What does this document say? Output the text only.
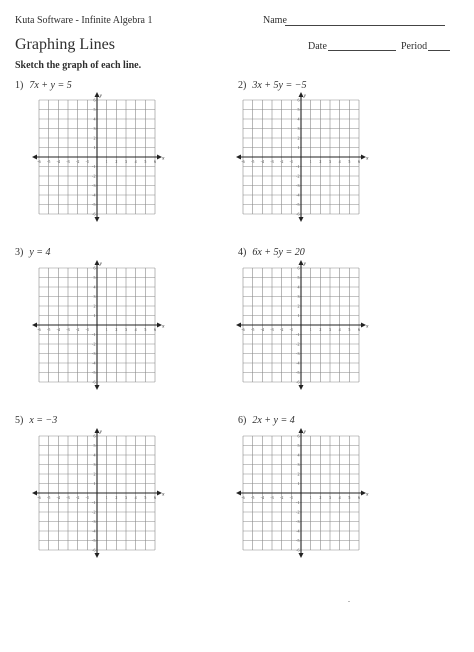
Kuta Software - Infinite Algebra 1	Name
Graphing Lines	Date	Period
Sketch the graph of each line.
1) 7x + y = 5	2) 3x + 5y = −5
3) y = 4	4) 6x + 5y = 20
5) x = −3	6) 2x + y = 4
x
y
-6 -5 -4 -3 -2 -1	1 2 3 4 5 6
6
5
4
3
2
1
-1
-2
-3
-4
-5
-6
x
y
-6 -5 -4 -3 -2 -1	1 2 3 4 5 6
6
5
4
3
2
1
-1
-2
-3
-4
-5
-6
x
y
-6 -5 -4 -3 -2 -1	1 2 3 4 5 6
6
5
4
3
2
1
-1
-2
-3
-4
-5
-6
x
y
-6 -5 -4 -3 -2 -1	1 2 3 4 5 6
6
5
4
3
2
1
-1
-2
-3
-4
-5
-6
x
y
-6 -5 -4 -3 -2 -1	1 2 3 4 5 6
6
5
4
3
2
1
-1
-2
-3
-4
-5
-6
x
y
-6 -5 -4 -3 -2 -1	1 2 3 4 5 6
6
5
4
3
2
1
-1
-2
-3
-4
-5
-6
